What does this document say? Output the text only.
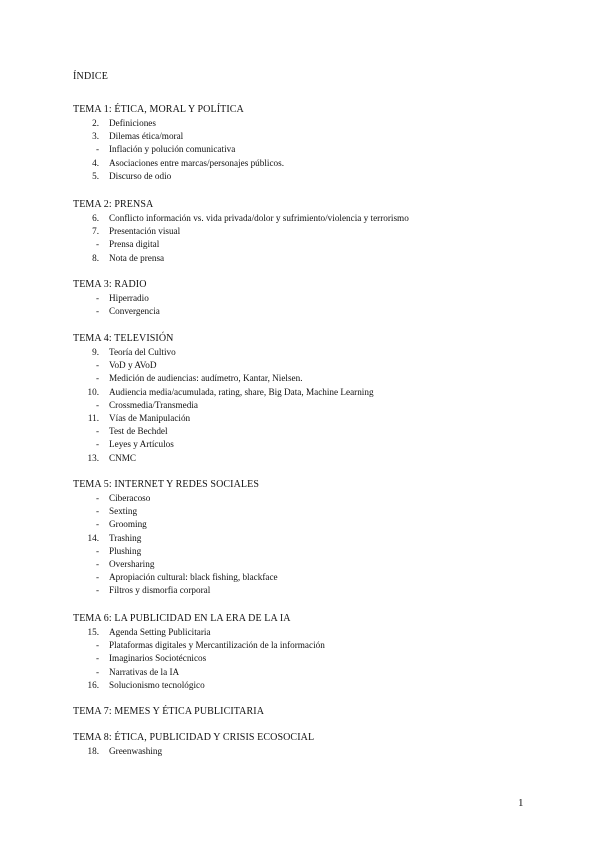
ÍNDICE
TEMA 1: ÉTICA, MORAL Y POLÍTICA
2. Definiciones
3. Dilemas ética/moral
- Inflación y polución comunicativa
4. Asociaciones entre marcas/personajes públicos.
5. Discurso de odio
TEMA 2: PRENSA
6. Conflicto información vs. vida privada/dolor y sufrimiento/violencia y terrorismo
7. Presentación visual
- Prensa digital
8. Nota de prensa
TEMA 3: RADIO
- Hiperradio
- Convergencia
TEMA 4: TELEVISIÓN
9. Teoría del Cultivo
- VoD y AVoD
- Medición de audiencias: audímetro, Kantar, Nielsen.
10. Audiencia media/acumulada, rating, share, Big Data, Machine Learning
- Crossmedia/Transmedia
11. Vías de Manipulación
- Test de Bechdel
- Leyes y Artículos
13. CNMC
TEMA 5: INTERNET Y REDES SOCIALES
- Ciberacoso
- Sexting
- Grooming
14. Trashing
- Plushing
- Oversharing
- Apropiación cultural: black fishing, blackface
- Filtros y dismorfia corporal
TEMA 6: LA PUBLICIDAD EN LA ERA DE LA IA
15. Agenda Setting Publicitaria
- Plataformas digitales y Mercantilización de la información
- Imaginarios Sociotécnicos
- Narrativas de la IA
16. Solucionismo tecnológico
TEMA 7: MEMES Y ÉTICA PUBLICITARIA
TEMA 8: ÉTICA, PUBLICIDAD Y CRISIS ECOSOCIAL
18. Greenwashing
1
